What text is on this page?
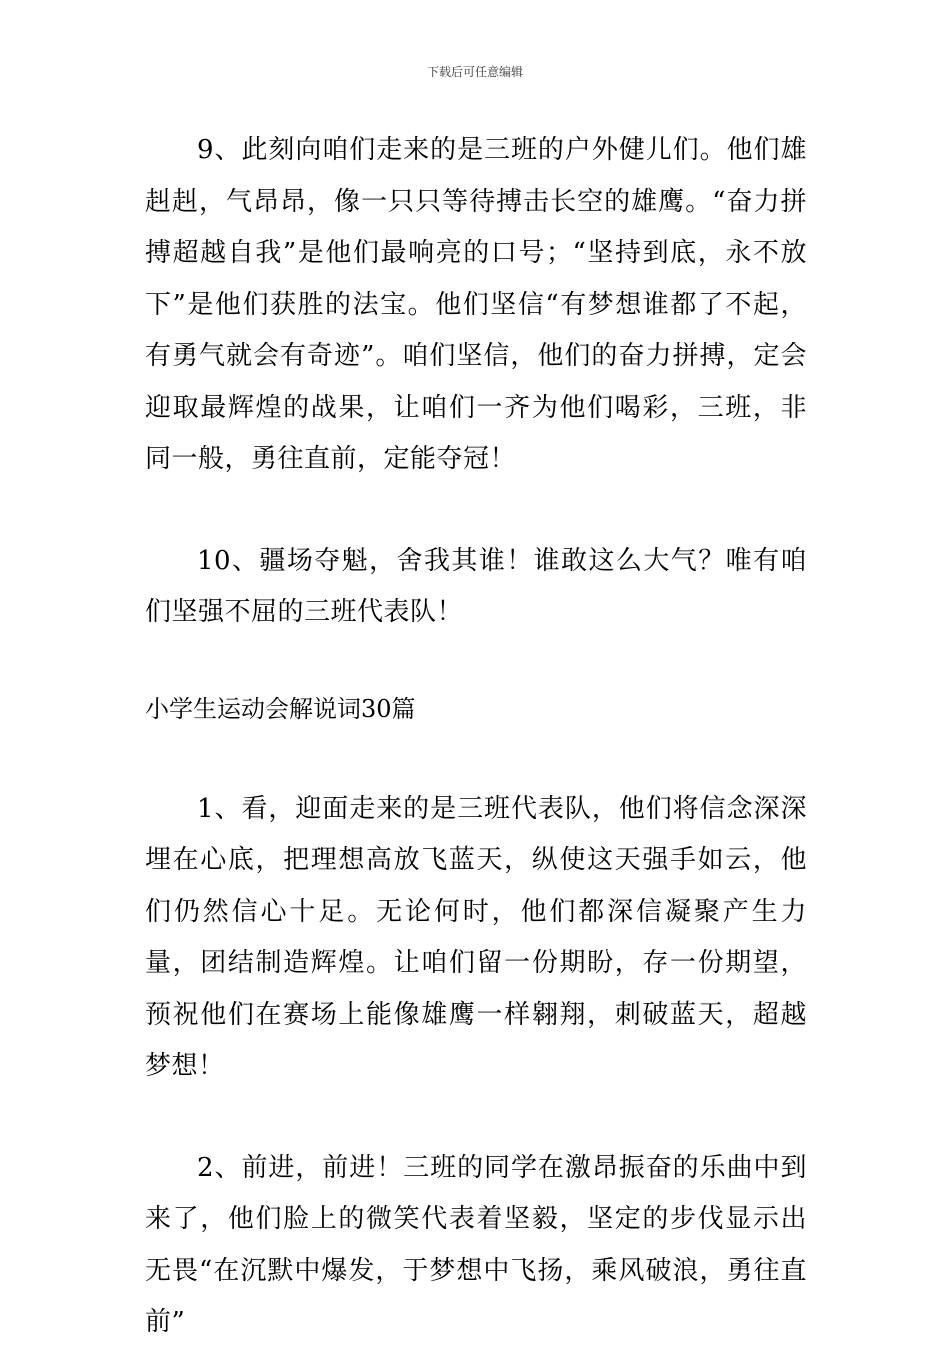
下载后可任意编辑

9、此刻向咱们走来的是三班的户外健儿们。他们雄赳赳，气昂昂，像一只只等待搏击长空的雄鹰。“奋力拼搏超越自我”是他们最响亮的口号；“坚持到底，永不放下”是他们获胜的法宝。他们坚信“有梦想谁都了不起，有勇气就会有奇迹”。咱们坚信，他们的奋力拼搏，定会迎取最辉煌的战果，让咱们一齐为他们喝彩，三班，非同一般，勇往直前，定能夺冠！

10、疆场夺魁，舍我其谁！谁敢这么大气？唯有咱们坚强不屈的三班代表队！

小学生运动会解说词30篇

1、看，迎面走来的是三班代表队，他们将信念深深埋在心底，把理想高放飞蓝天，纵使这天强手如云，他们仍然信心十足。无论何时，他们都深信凝聚产生力量，团结制造辉煌。让咱们留一份期盼，存一份期望，预祝他们在赛场上能像雄鹰一样翱翔，刺破蓝天，超越梦想！

2、前进，前进！三班的同学在激昂振奋的乐曲中到来了，他们脸上的微笑代表着坚毅，坚定的步伐显示出无畏“在沉默中爆发，于梦想中飞扬，乘风破浪，勇往直前”
